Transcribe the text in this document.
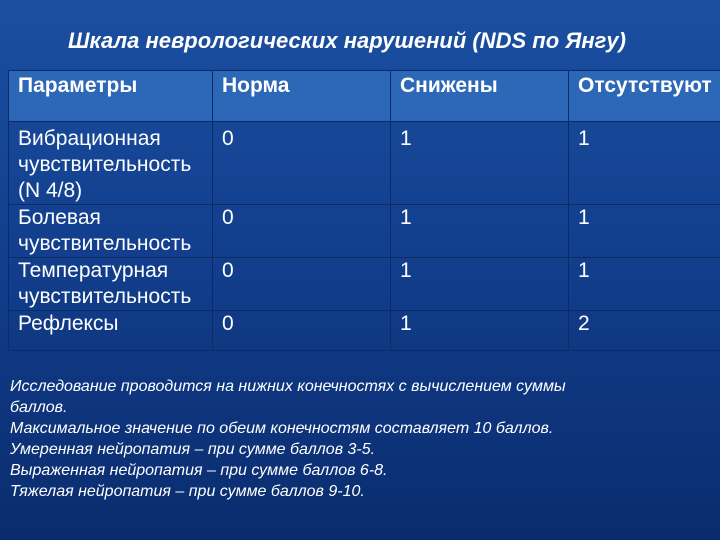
Шкала неврологических нарушений (NDS по Янгу)
Параметры	Норма	Снижены	Отсутствуют

Вибрационная
чувствительность
(N 4/8)	0	1	1

Болевая
чувствительность	0	1	1

Температурная
чувствительность	0	1	1

Рефлексы	0	1	2

Исследование проводится на нижних конечностях с вычислением суммы

баллов.

Максимальное значение по обеим конечностям составляет 10 баллов.

Умеренная нейропатия – при сумме баллов 3-5.

Выраженная нейропатия – при сумме баллов 6-8.

Тяжелая нейропатия – при сумме баллов 9-10.
